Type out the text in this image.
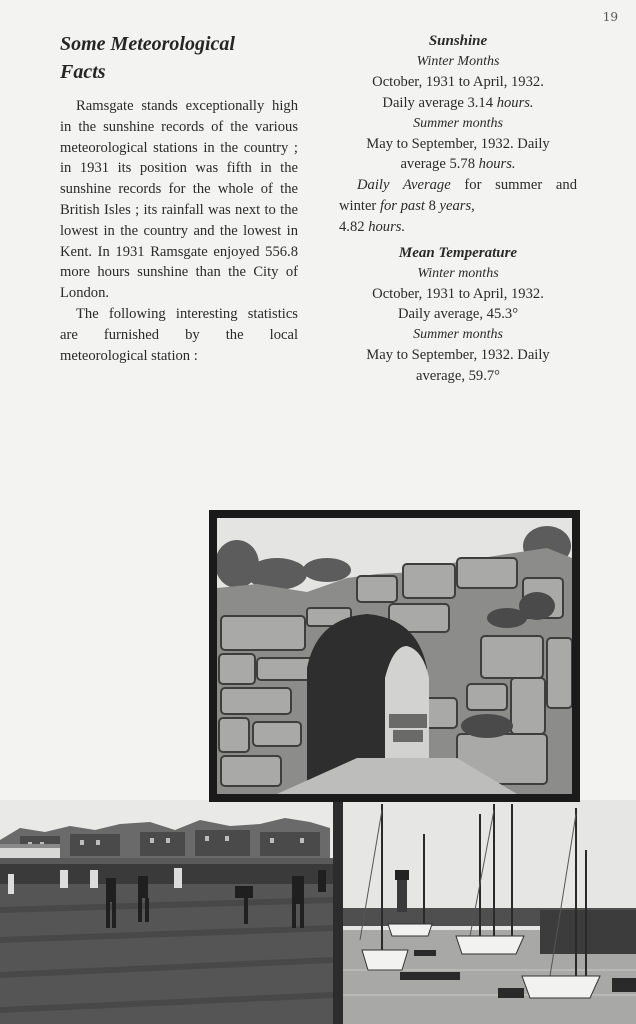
19
Some Meteorological
Facts

Ramsgate stands exceptionally high in the sunshine records of the various meteorological stations in the country ; in 1931 its position was fifth in the sunshine records for the whole of the British Isles ; its rainfall was next to the lowest in the country and the lowest in Kent. In 1931 Ramsgate enjoyed 556.8 more hours sunshine than the City of London.

The following interesting statistics are furnished by the local meteorological station :

Sunshine
Winter Months
October, 1931 to April, 1932.
Daily average 3.14 hours.
Summer months
May to September, 1932. Daily
average 5.78 hours.
Daily Average for summer and winter for past 8 years,
4.82 hours.
Mean Temperature
Winter months
October, 1931 to April, 1932.
Daily average, 45.3°
Summer months
May to September, 1932. Daily
average, 59.7°
